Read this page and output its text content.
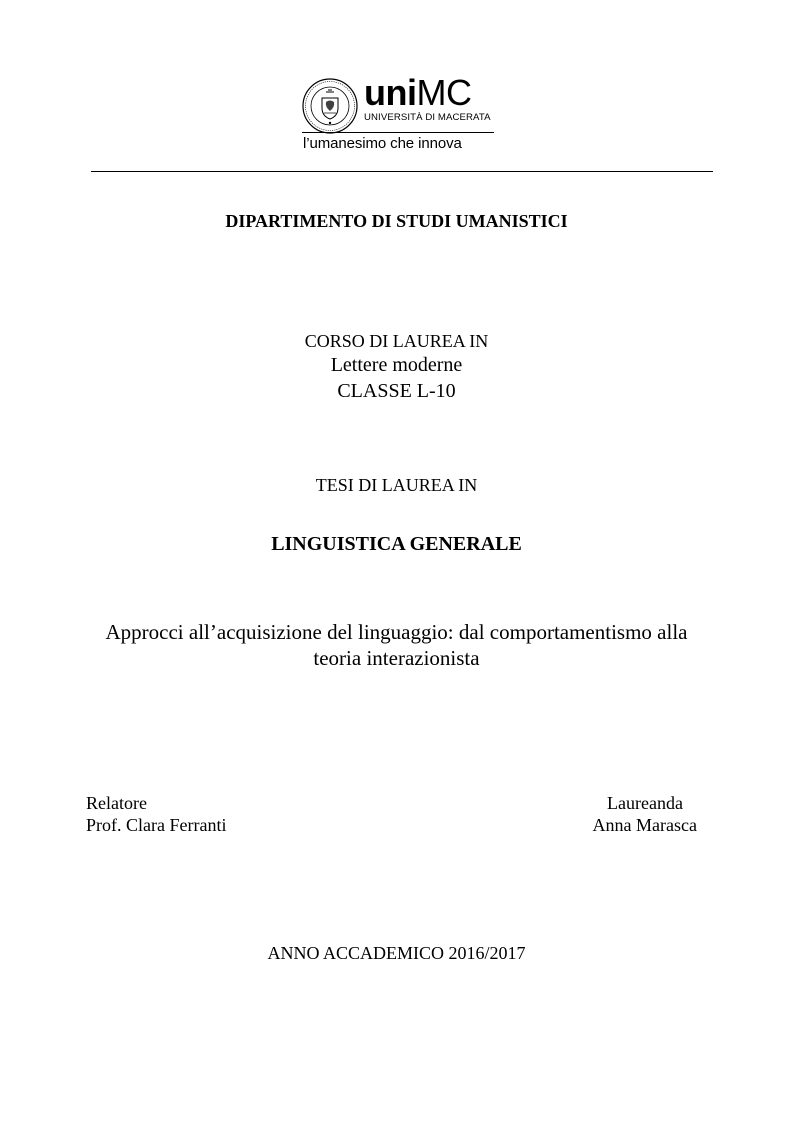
uniMC
UNIVERSITÀ DI MACERATA
l’umanesimo che innova
DIPARTIMENTO DI STUDI UMANISTICI
CORSO DI LAUREA IN
Lettere moderne
CLASSE L-10
TESI DI LAUREA IN
LINGUISTICA GENERALE
Approcci all’acquisizione del linguaggio: dal comportamentismo alla
teoria interazionista
Relatore
Prof. Clara Ferranti
Laureanda
Anna Marasca
ANNO ACCADEMICO 2016/2017
